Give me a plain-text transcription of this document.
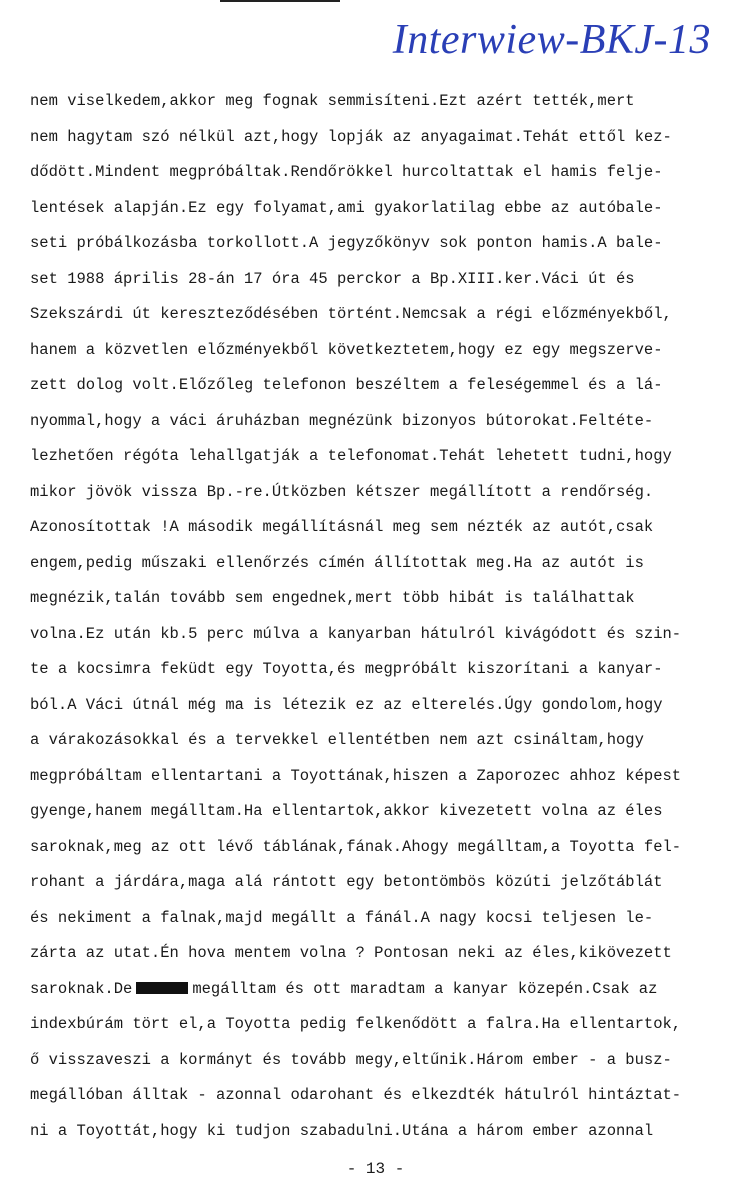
Interwiew-BKJ-13
nem viselkedem,akkor meg fognak semmisíteni.Ezt azért tették,mert
nem hagytam szó nélkül azt,hogy lopják az anyagaimat.Tehát ettől kez-
dődött.Mindent megpróbáltak.Rendőrökkel hurcoltattak el hamis felje-
lentések alapján.Ez egy folyamat,ami gyakorlatilag ebbe az autóbale-
seti próbálkozásba torkollott.A jegyzőkönyv sok ponton hamis.A bale-
set 1988 április 28-án 17 óra 45 perckor a Bp.XIII.ker.Váci út és
Szekszárdi út kereszteződésében történt.Nemcsak a régi előzményekből,
hanem a közvetlen előzményekből következtetem,hogy ez egy megszerve-
zett dolog volt.Előzőleg telefonon beszéltem a feleségemmel és a lá-
nyommal,hogy a váci áruházban megnézünk bizonyos bútorokat.Feltéte-
lezhetően régóta lehallgatják a telefonomat.Tehát lehetett tudni,hogy
mikor jövök vissza Bp.-re.Útközben kétszer megállított a rendőrség.
Azonosítottak !A második megállításnál meg sem nézték az autót,csak
engem,pedig műszaki ellenőrzés címén állítottak meg.Ha az autót is
megnézik,talán tovább sem engednek,mert több hibát is találhattak
volna.Ez után kb.5 perc múlva a kanyarban hátulról kivágódott és szin-
te a kocsimra feküdt egy Toyotta,és megpróbált kiszorítani a kanyar-
ból.A Váci útnál még ma is létezik ez az elterelés.Úgy gondolom,hogy
a várakozásokkal és a tervekkel ellentétben nem azt csináltam,hogy
megpróbáltam ellentartani a Toyottának,hiszen a Zaporozec ahhoz képest
gyenge,hanem megálltam.Ha ellentartok,akkor kivezetett volna az éles
saroknak,meg az ott lévő táblának,fának.Ahogy megálltam,a Toyotta fel-
rohant a járdára,maga alá rántott egy betontömbös közúti jelzőtáblát
és nekiment a falnak,majd megállt a fánál.A nagy kocsi teljesen le-
zárta az utat.Én hova mentem volna ? Pontosan neki az éles,kikövezett
saroknak.De	megálltam és ott maradtam a kanyar közepén.Csak az
indexbúrám tört el,a Toyotta pedig felkenődött a falra.Ha ellentartok,
ő visszaveszi a kormányt és tovább megy,eltűnik.Három ember - a busz-
megállóban álltak - azonnal odarohant és elkezdték hátulról hintáztat-
ni a Toyottát,hogy ki tudjon szabadulni.Utána a három ember azonnal
- 13 -
